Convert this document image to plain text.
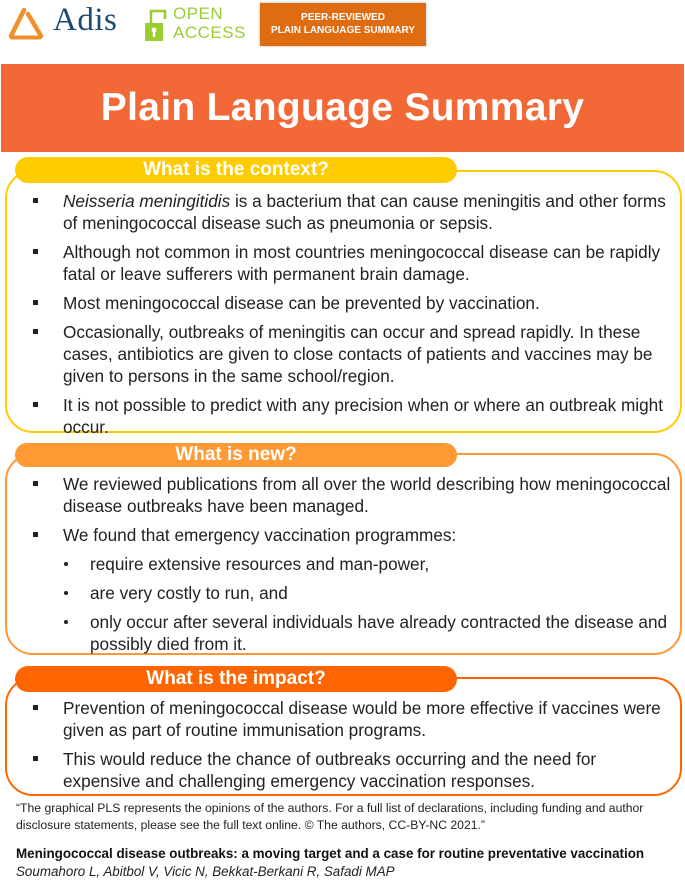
Adis	OPEN
ACCESS
PEER-REVIEWED
PLAIN LANGUAGE SUMMARY
Plain Language Summary
What is the context?
Neisseria meningitidis is a bacterium that can cause meningitis and other forms of meningococcal disease such as pneumonia or sepsis.
Although not common in most countries meningococcal disease can be rapidly fatal or leave sufferers with permanent brain damage.
Most meningococcal disease can be prevented by vaccination.
Occasionally, outbreaks of meningitis can occur and spread rapidly. In these cases, antibiotics are given to close contacts of patients and vaccines may be given to persons in the same school/region.
It is not possible to predict with any precision when or where an outbreak might occur.
What is new?
We reviewed publications from all over the world describing how meningococcal disease outbreaks have been managed.
We found that emergency vaccination programmes:
require extensive resources and man-power,
are very costly to run, and
only occur after several individuals have already contracted the disease and possibly died from it.
What is the impact?
Prevention of meningococcal disease would be more effective if vaccines were given as part of routine immunisation programs.
This would reduce the chance of outbreaks occurring and the need for expensive and challenging emergency vaccination responses.

“The graphical PLS represents the opinions of the authors. For a full list of declarations, including funding and author disclosure statements, please see the full text online. © The authors, CC-BY-NC 2021.”

Meningococcal disease outbreaks: a moving target and a case for routine preventative vaccination

Soumahoro L, Abitbol V, Vicic N, Bekkat-Berkani R, Safadi MAP
